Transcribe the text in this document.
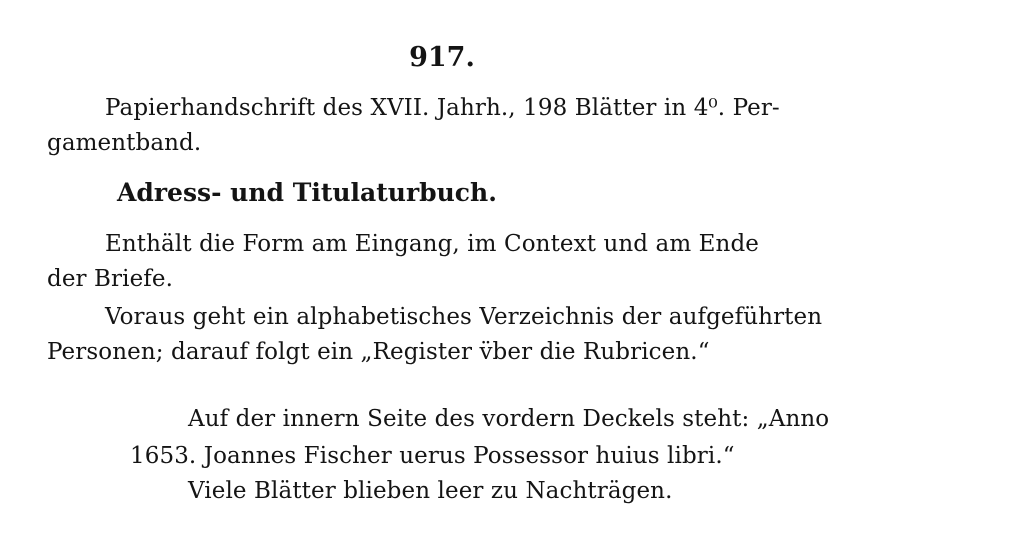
917.
Papierhandschrift des XVII. Jahrh., 198 Blätter in 4⁰. Per-
gamentband.
Adress- und Titulaturbuch.
Enthält die Form am Eingang, im Context und am Ende
der Briefe.
Voraus geht ein alphabetisches Verzeichnis der aufgeführten
Personen; darauf folgt ein „Register v̈ber die Rubricen.“
Auf der innern Seite des vordern Deckels steht: „Anno
1653. Joannes Fischer uerus Possessor huius libri.“
Viele Blätter blieben leer zu Nachträgen.
